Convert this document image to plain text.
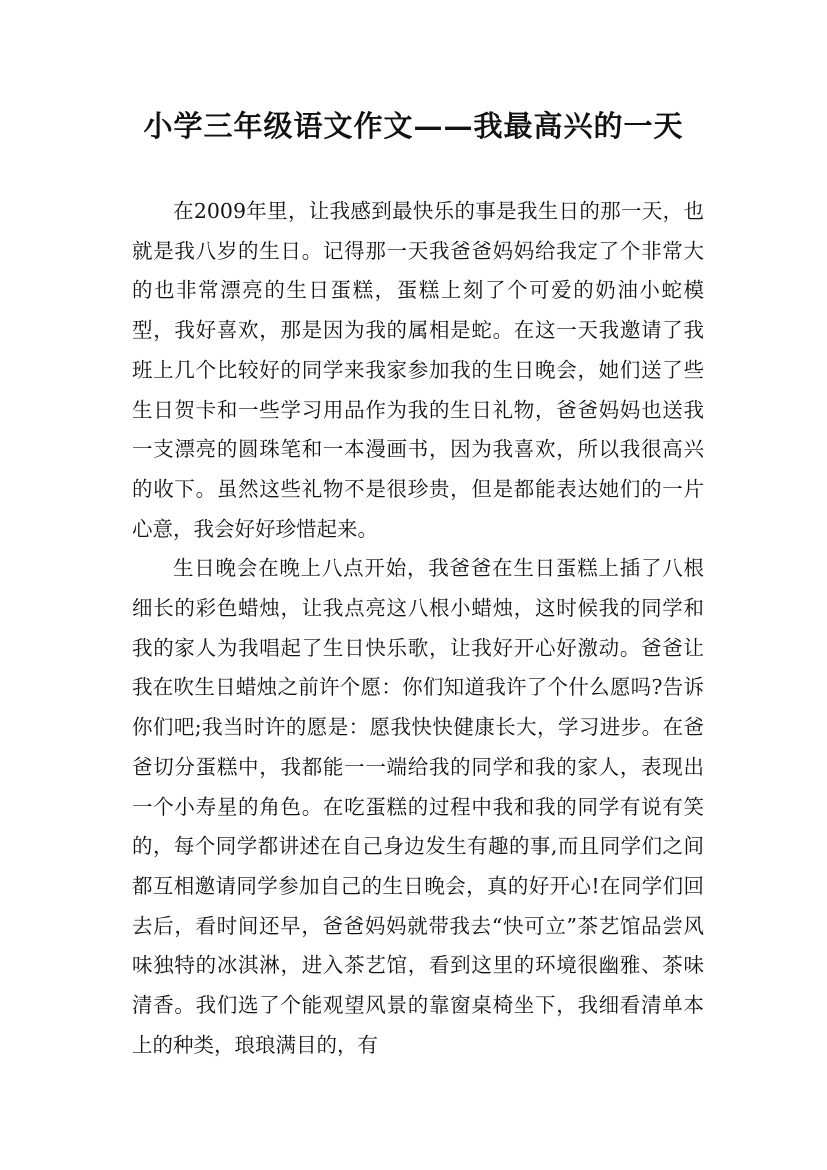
小学三年级语文作文——我最高兴的一天

在2009年里，让我感到最快乐的事是我生日的那一天，也就是我八岁的生日。记得那一天我爸爸妈妈给我定了个非常大的也非常漂亮的生日蛋糕，蛋糕上刻了个可爱的奶油小蛇模型，我好喜欢，那是因为我的属相是蛇。在这一天我邀请了我班上几个比较好的同学来我家参加我的生日晚会，她们送了些生日贺卡和一些学习用品作为我的生日礼物，爸爸妈妈也送我一支漂亮的圆珠笔和一本漫画书，因为我喜欢，所以我很高兴的收下。虽然这些礼物不是很珍贵，但是都能表达她们的一片心意，我会好好珍惜起来。

生日晚会在晚上八点开始，我爸爸在生日蛋糕上插了八根细长的彩色蜡烛，让我点亮这八根小蜡烛，这时候我的同学和我的家人为我唱起了生日快乐歌，让我好开心好激动。爸爸让我在吹生日蜡烛之前许个愿：你们知道我许了个什么愿吗?告诉你们吧;我当时许的愿是：愿我快快健康长大，学习进步。在爸爸切分蛋糕中，我都能一一端给我的同学和我的家人，表现出一个小寿星的角色。在吃蛋糕的过程中我和我的同学有说有笑的，每个同学都讲述在自己身边发生有趣的事,而且同学们之间都互相邀请同学参加自己的生日晚会，真的好开心!在同学们回去后，看时间还早，爸爸妈妈就带我去“快可立”茶艺馆品尝风味独特的冰淇淋，进入茶艺馆，看到这里的环境很幽雅、茶味清香。我们选了个能观望风景的靠窗桌椅坐下，我细看清单本上的种类，琅琅满目的，有
